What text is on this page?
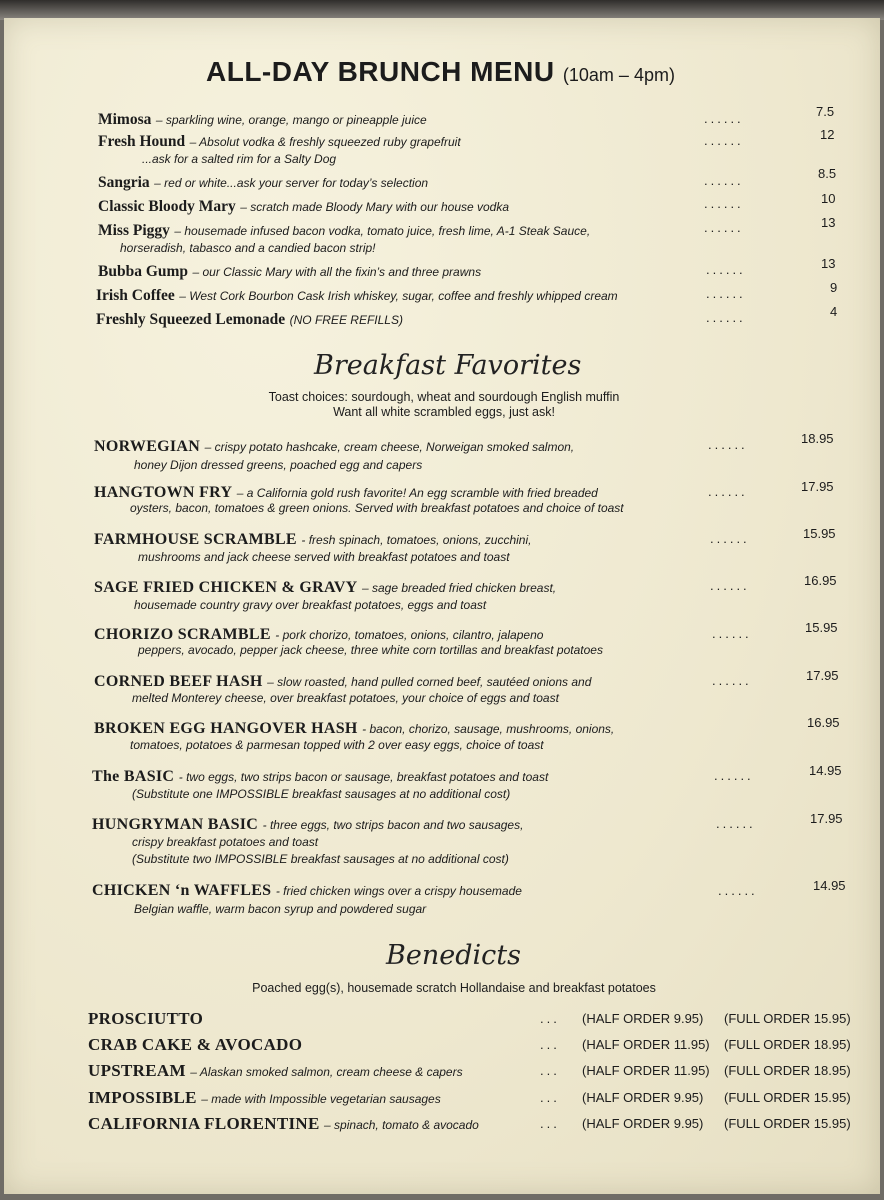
ALL-DAY BRUNCH MENU (10am – 4pm)
Mimosa – sparkling wine, orange, mango or pineapple juice	......	7.5
Fresh Hound – Absolut vodka & freshly squeezed ruby grapefruit
...ask for a salted rim for a Salty Dog
......	12
Sangria – red or white...ask your server for today’s selection	......	8.5
Classic Bloody Mary – scratch made Bloody Mary with our house vodka	......	10
Miss Piggy – housemade infused bacon vodka, tomato juice, fresh lime, A-1 Steak Sauce,
horseradish, tabasco and a candied bacon strip!
......	13
Bubba Gump – our Classic Mary with all the fixin’s and three prawns	......	13
Irish Coffee – West Cork Bourbon Cask Irish whiskey, sugar, coffee and freshly whipped cream	......	9
Freshly Squeezed Lemonade (NO FREE REFILLS)	......	4
Breakfast Favorites
Toast choices: sourdough, wheat and sourdough English muffin
Want all white scrambled eggs, just ask!
NORWEGIAN – crispy potato hashcake, cream cheese, Norweigan smoked salmon,
honey Dijon dressed greens, poached egg and capers
......	18.95
HANGTOWN FRY – a California gold rush favorite! An egg scramble with fried breaded
oysters, bacon, tomatoes & green onions. Served with breakfast potatoes and choice of toast
......	17.95
FARMHOUSE SCRAMBLE - fresh spinach, tomatoes, onions, zucchini,
mushrooms and jack cheese served with breakfast potatoes and toast
......	15.95
SAGE FRIED CHICKEN & GRAVY – sage breaded fried chicken breast,
housemade country gravy over breakfast potatoes, eggs and toast
......	16.95
CHORIZO SCRAMBLE - pork chorizo, tomatoes, onions, cilantro, jalapeno
peppers, avocado, pepper jack cheese, three white corn tortillas and breakfast potatoes
......	15.95
CORNED BEEF HASH – slow roasted, hand pulled corned beef, sautéed onions and
melted Monterey cheese, over breakfast potatoes, your choice of eggs and toast
......	17.95
BROKEN EGG HANGOVER HASH - bacon, chorizo, sausage, mushrooms, onions,
tomatoes, potatoes & parmesan topped with 2 over easy eggs, choice of toast
16.95
The BASIC - two eggs, two strips bacon or sausage, breakfast potatoes and toast
(Substitute one IMPOSSIBLE breakfast sausages at no additional cost)
......	14.95
HUNGRYMAN BASIC - three eggs, two strips bacon and two sausages,
crispy breakfast potatoes and toast
(Substitute two IMPOSSIBLE breakfast sausages at no additional cost)
......	17.95
CHICKEN ‘n WAFFLES - fried chicken wings over a crispy housemade
Belgian waffle, warm bacon syrup and powdered sugar
......	14.95
Benedicts
Poached egg(s), housemade scratch Hollandaise and breakfast potatoes
PROSCIUTTO	... (HALF ORDER 9.95) (FULL ORDER 15.95)
CRAB CAKE & AVOCADO	... (HALF ORDER 11.95) (FULL ORDER 18.95)
UPSTREAM – Alaskan smoked salmon, cream cheese & capers	... (HALF ORDER 11.95) (FULL ORDER 18.95)
IMPOSSIBLE – made with Impossible vegetarian sausages	... (HALF ORDER 9.95) (FULL ORDER 15.95)
CALIFORNIA FLORENTINE – spinach, tomato & avocado	... (HALF ORDER 9.95) (FULL ORDER 15.95)
